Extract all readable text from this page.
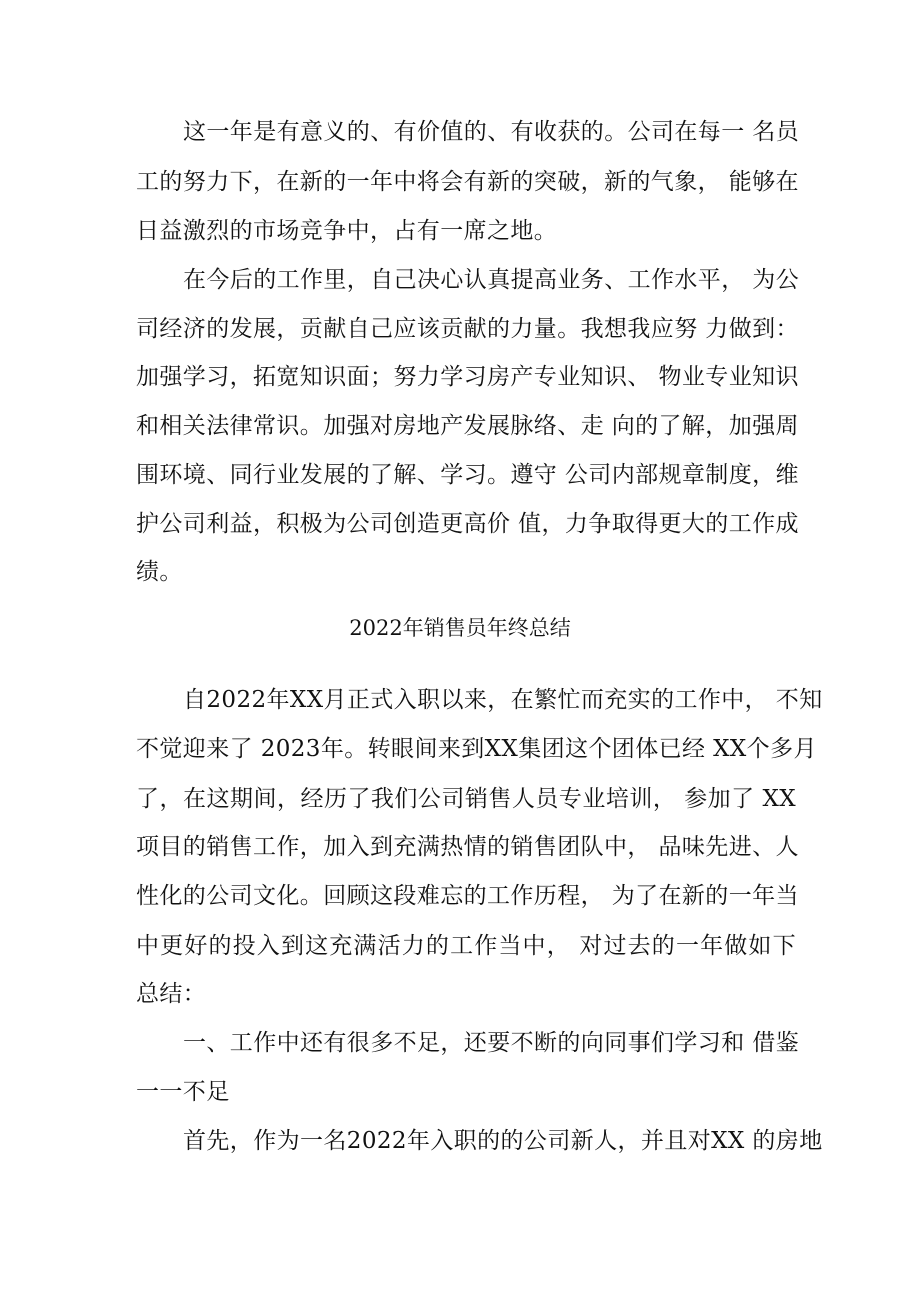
这一年是有意义的、有价值的、有收获的。公司在每一 名员
工的努力下，在新的一年中将会有新的突破，新的气象， 能够在
日益激烈的市场竞争中，占有一席之地。
在今后的工作里，自己决心认真提高业务、工作水平， 为公
司经济的发展，贡献自己应该贡献的力量。我想我应努 力做到：
加强学习，拓宽知识面；努力学习房产专业知识、 物业专业知识
和相关法律常识。加强对房地产发展脉络、走 向的了解，加强周
围环境、同行业发展的了解、学习。遵守 公司内部规章制度，维
护公司利益，积极为公司创造更高价 值，力争取得更大的工作成
绩。
2022年销售员年终总结
自2022年XX月正式入职以来，在繁忙而充实的工作中， 不知
不觉迎来了 2023年。转眼间来到XX集团这个团体已经 XX个多月
了，在这期间，经历了我们公司销售人员专业培训， 参加了 XX
项目的销售工作，加入到充满热情的销售团队中， 品味先进、人
性化的公司文化。回顾这段难忘的工作历程， 为了在新的一年当
中更好的投入到这充满活力的工作当中， 对过去的一年做如下
总结：
一、工作中还有很多不足，还要不断的向同事们学习和 借鉴
一一不足
首先，作为一名2022年入职的的公司新人，并且对XX 的房地
